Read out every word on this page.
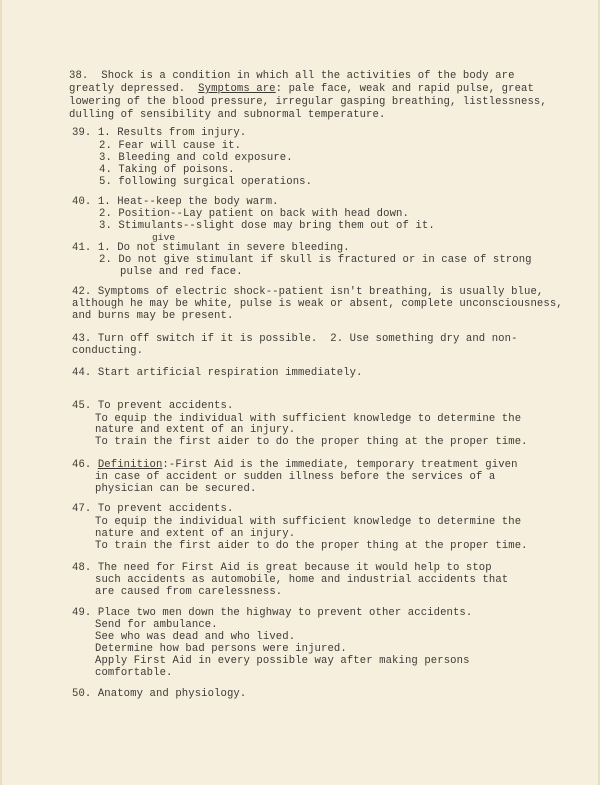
38.  Shock is a condition in which all the activities of the body are

greatly depressed.  Symptoms are: pale face, weak and rapid pulse, great

lowering of the blood pressure, irregular gasping breathing, listlessness,

dulling of sensibility and subnormal temperature.

39. 1. Results from injury.

2. Fear will cause it.

3. Bleeding and cold exposure.

4. Taking of poisons.

5. following surgical operations.

40. 1. Heat--keep the body warm.

2. Position--Lay patient on back with head down.

3. Stimulants--slight dose may bring them out of it.

give

41. 1. Do not stimulant in severe bleeding.

2. Do not give stimulant if skull is fractured or in case of strong

pulse and red face.

42. Symptoms of electric shock--patient isn't breathing, is usually blue,

although he may be white, pulse is weak or absent, complete unconsciousness,

and burns may be present.

43. Turn off switch if it is possible.  2. Use something dry and non-

conducting.

44. Start artificial respiration immediately.

45. To prevent accidents.

To equip the individual with sufficient knowledge to determine the

nature and extent of an injury.

To train the first aider to do the proper thing at the proper time.

46. Definition:-First Aid is the immediate, temporary treatment given

in case of accident or sudden illness before the services of a

physician can be secured.

47. To prevent accidents.

To equip the individual with sufficient knowledge to determine the

nature and extent of an injury.

To train the first aider to do the proper thing at the proper time.

48. The need for First Aid is great because it would help to stop

such accidents as automobile, home and industrial accidents that

are caused from carelessness.

49. Place two men down the highway to prevent other accidents.

Send for ambulance.

See who was dead and who lived.

Determine how bad persons were injured.

Apply First Aid in every possible way after making persons

comfortable.

50. Anatomy and physiology.
